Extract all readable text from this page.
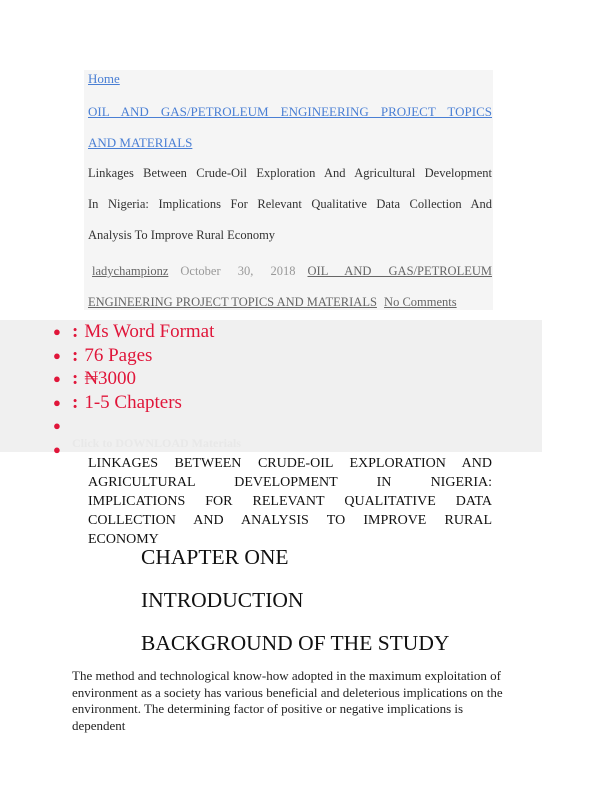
Home
OIL AND GAS/PETROLEUM ENGINEERING PROJECT TOPICS
AND MATERIALS
Linkages Between Crude-Oil Exploration And Agricultural Development
In Nigeria: Implications For Relevant Qualitative Data Collection And
Analysis To Improve Rural Economy
ladychampionz October 30, 2018 OIL AND GAS/PETROLEUM
ENGINEERING PROJECT TOPICS AND MATERIALS No Comments
● : Ms Word Format
● : 76 Pages
● : ₦3000
● : 1-5 Chapters
●
● Click to DOWNLOAD Materials
LINKAGES BETWEEN CRUDE-OIL EXPLORATION AND
AGRICULTURAL DEVELOPMENT IN NIGERIA:
IMPLICATIONS FOR RELEVANT QUALITATIVE DATA
COLLECTION AND ANALYSIS TO IMPROVE RURAL
ECONOMY
CHAPTER ONE
INTRODUCTION
BACKGROUND OF THE STUDY
The method and technological know-how adopted in the maximum exploitation of
environment as a society has various beneficial and deleterious implications on the
environment. The determining factor of positive or negative implications is dependent
